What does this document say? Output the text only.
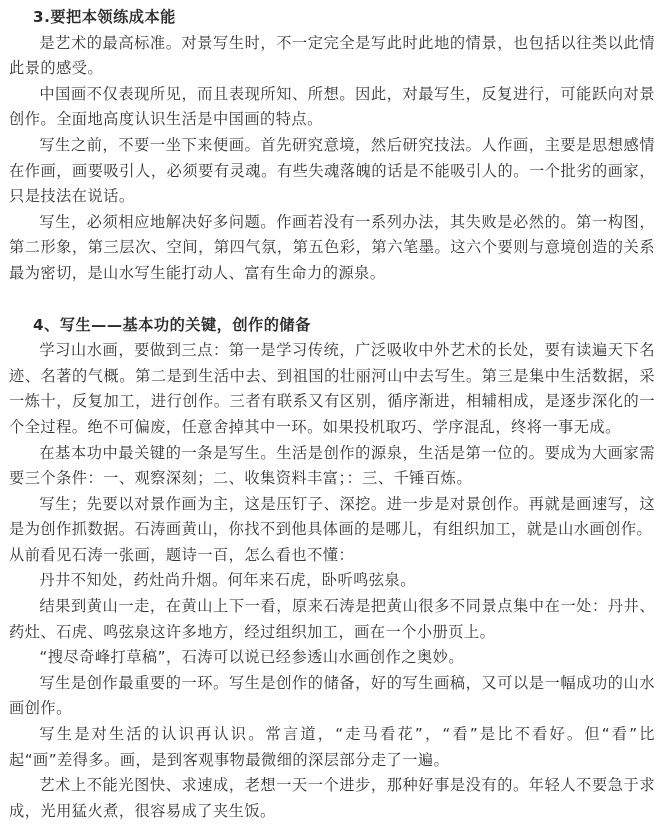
3.要把本领练成本能

是艺术的最高标准。对景写生时，不一定完全是写此时此地的情景，也包括以往类以此情此景的感受。

中国画不仅表现所见，而且表现所知、所想。因此，对最写生，反复进行，可能跃向对景创作。全面地高度认识生活是中国画的特点。

写生之前，不要一坐下来便画。首先研究意境，然后研究技法。人作画，主要是思想感情在作画，画要吸引人，必须要有灵魂。有些失魂落魄的话是不能吸引人的。一个批劣的画家，只是技法在说话。

写生，必须相应地解决好多问题。作画若没有一系列办法，其失败是必然的。第一构图，第二形象，第三层次、空间，第四气氛，第五色彩，第六笔墨。这六个要则与意境创造的关系最为密切，是山水写生能打动人、富有生命力的源泉。

4、写生——基本功的关键，创作的储备

学习山水画，要做到三点：第一是学习传统，广泛吸收中外艺术的长处，要有读遍天下名迹、名著的气概。第二是到生活中去、到祖国的壮丽河山中去写生。第三是集中生活数据，采一炼十，反复加工，进行创作。三者有联系又有区别，循序渐进，相辅相成，是逐步深化的一个全过程。绝不可偏废，任意舍掉其中一环。如果投机取巧、学序混乱，终将一事无成。

在基本功中最关键的一条是写生。生活是创作的源泉，生活是第一位的。要成为大画家需要三个条件：一、观察深刻；二、收集资料丰富；：三、千锤百炼。

写生；先要以对景作画为主，这是压钉子、深挖。进一步是对景创作。再就是画速写，这是为创作抓数据。石涛画黄山，你找不到他具体画的是哪儿，有组织加工，就是山水画创作。

从前看见石涛一张画，题诗一百，怎么看也不懂：

丹井不知处，药灶尚升烟。何年来石虎，卧听鸣弦泉。

结果到黄山一走，在黄山上下一看，原来石涛是把黄山很多不同景点集中在一处：丹井、药灶、石虎、鸣弦泉这许多地方，经过组织加工，画在一个小册页上。

“搜尽奇峰打草稿”，石涛可以说已经参透山水画创作之奥妙。

写生是创作最重要的一环。写生是创作的储备，好的写生画稿，又可以是一幅成功的山水画创作。

写生是对生活的认识再认识。常言道，“走马看花”，“看”是比不看好。但“看”比起“画”差得多。画，是到客观事物最微细的深层部分走了一遍。

艺术上不能光图快、求速成，老想一天一个进步，那种好事是没有的。年轻人不要急于求成，光用猛火煮，很容易成了夹生饭。
